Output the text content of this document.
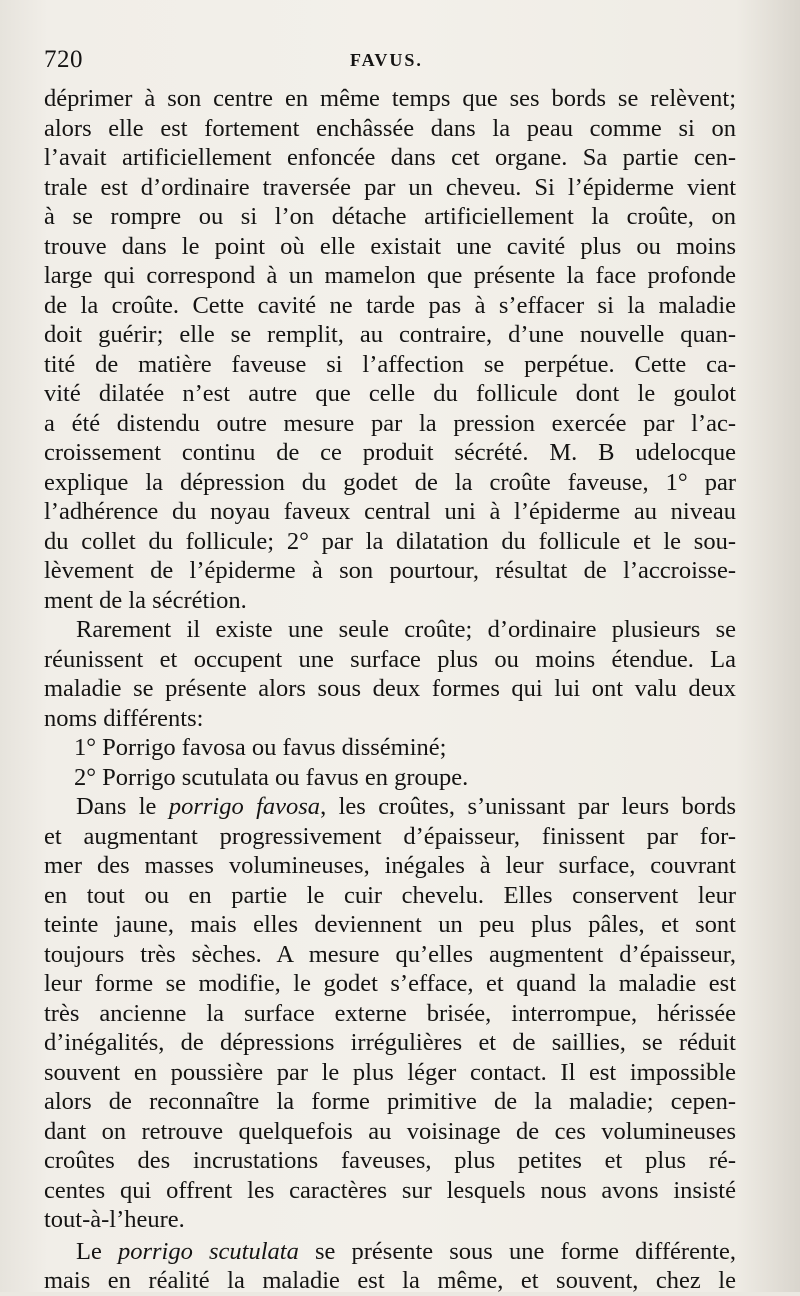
720	FAVUS.
déprimer à son centre en même temps que ses bords se relèvent;
alors elle est fortement enchâssée dans la peau comme si on
l’avait artificiellement enfoncée dans cet organe. Sa partie cen-
trale est d’ordinaire traversée par un cheveu. Si l’épiderme vient
à se rompre ou si l’on détache artificiellement la croûte, on
trouve dans le point où elle existait une cavité plus ou moins
large qui correspond à un mamelon que présente la face profonde
de la croûte. Cette cavité ne tarde pas à s’effacer si la maladie
doit guérir; elle se remplit, au contraire, d’une nouvelle quan-
tité de matière faveuse si l’affection se perpétue. Cette ca-
vité dilatée n’est autre que celle du follicule dont le goulot
a été distendu outre mesure par la pression exercée par l’ac-
croissement continu de ce produit sécrété. M. B udelocque
explique la dépression du godet de la croûte faveuse, 1° par
l’adhérence du noyau faveux central uni à l’épiderme au niveau
du collet du follicule; 2° par la dilatation du follicule et le sou-
lèvement de l’épiderme à son pourtour, résultat de l’accroisse-
ment de la sécrétion.
Rarement il existe une seule croûte; d’ordinaire plusieurs se
réunissent et occupent une surface plus ou moins étendue. La
maladie se présente alors sous deux formes qui lui ont valu deux
noms différents:
1° Porrigo favosa ou favus disséminé;
2° Porrigo scutulata ou favus en groupe.
Dans le porrigo favosa, les croûtes, s’unissant par leurs bords
et augmentant progressivement d’épaisseur, finissent par for-
mer des masses volumineuses, inégales à leur surface, couvrant
en tout ou en partie le cuir chevelu. Elles conservent leur
teinte jaune, mais elles deviennent un peu plus pâles, et sont
toujours très sèches. A mesure qu’elles augmentent d’épaisseur,
leur forme se modifie, le godet s’efface, et quand la maladie est
très ancienne la surface externe brisée, interrompue, hérissée
d’inégalités, de dépressions irrégulières et de saillies, se réduit
souvent en poussière par le plus léger contact. Il est impossible
alors de reconnaître la forme primitive de la maladie; cepen-
dant on retrouve quelquefois au voisinage de ces volumineuses
croûtes des incrustations faveuses, plus petites et plus ré-
centes qui offrent les caractères sur lesquels nous avons insisté
tout-à-l’heure.
Le porrigo scutulata se présente sous une forme différente,
mais en réalité la maladie est la même, et souvent, chez le
